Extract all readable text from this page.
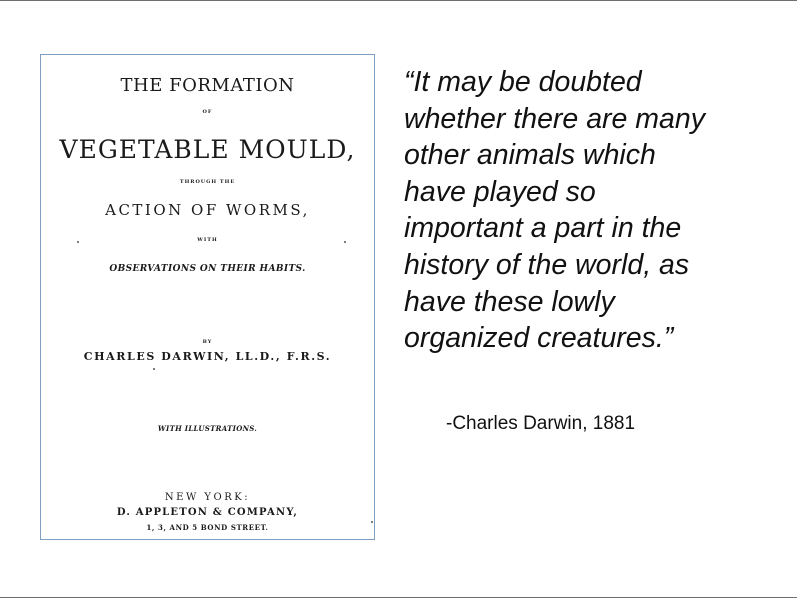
THE FORMATION
OF
VEGETABLE MOULD,
THROUGH THE
ACTION OF WORMS,
WITH
OBSERVATIONS ON THEIR HABITS.
BY
CHARLES DARWIN, LL.D., F.R.S.
WITH ILLUSTRATIONS.
NEW YORK:
D. APPLETON & COMPANY,
1, 3, AND 5 BOND STREET.
“It may be doubted
whether there are many
other animals which
have played so
important a part in the
history of the world, as
have these lowly
organized creatures.”
-Charles Darwin, 1881
